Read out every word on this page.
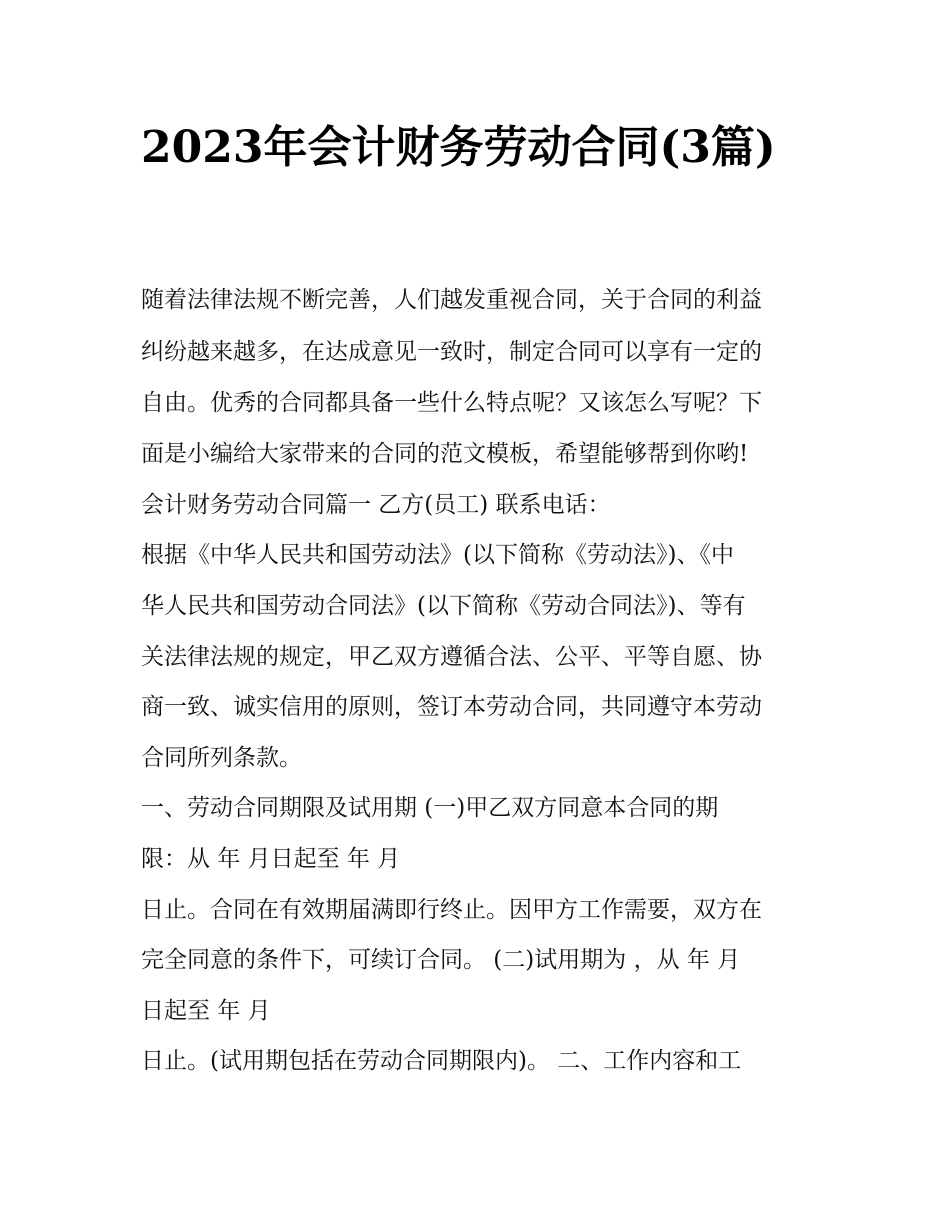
2023年会计财务劳动合同(3篇)

随着法律法规不断完善，人们越发重视合同，关于合同的利益

纠纷越来越多，在达成意见一致时，制定合同可以享有一定的

自由。优秀的合同都具备一些什么特点呢？又该怎么写呢？下

面是小编给大家带来的合同的范文模板，希望能够帮到你哟!

会计财务劳动合同篇一 乙方(员工) 联系电话：

根据《中华人民共和国劳动法》(以下简称《劳动法》)、《中

华人民共和国劳动合同法》(以下简称《劳动合同法》)、等有

关法律法规的规定，甲乙双方遵循合法、公平、平等自愿、协

商一致、诚实信用的原则，签订本劳动合同，共同遵守本劳动

合同所列条款。

一、劳动合同期限及试用期 (一)甲乙双方同意本合同的期

限：从 年 月日起至 年 月

日止。合同在有效期届满即行终止。因甲方工作需要，双方在

完全同意的条件下，可续订合同。 (二)试用期为 ，从 年 月

日起至 年 月

日止。(试用期包括在劳动合同期限内)。 二、工作内容和工
